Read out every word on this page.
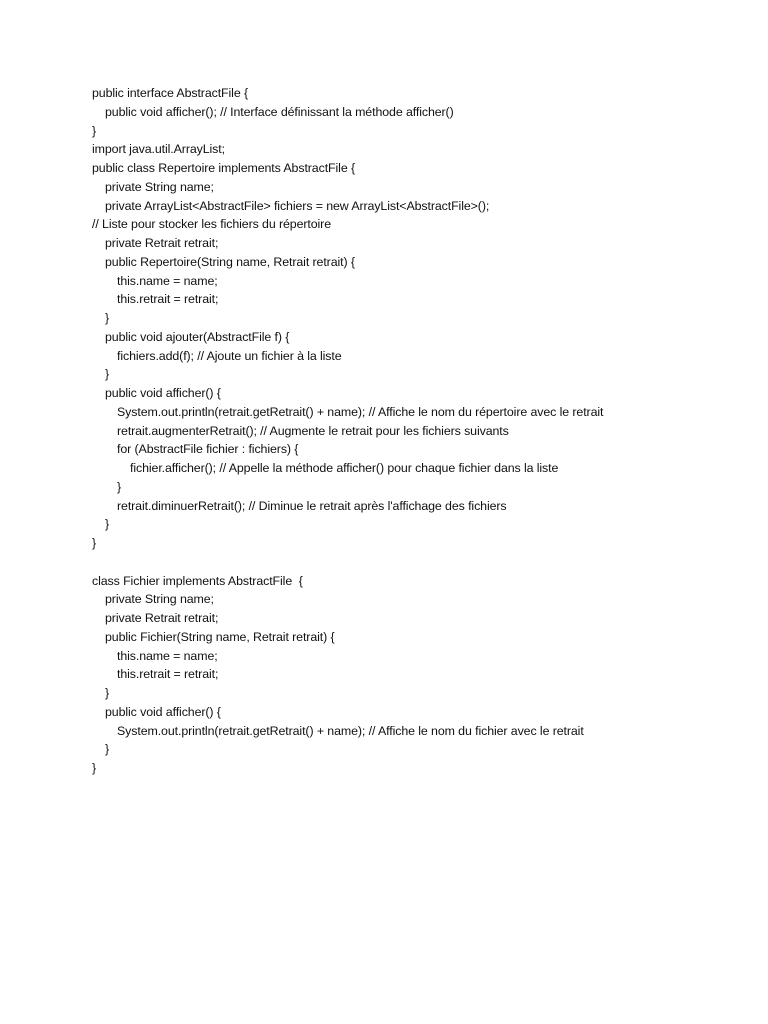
public interface AbstractFile {
public void afficher(); // Interface définissant la méthode afficher()
}
import java.util.ArrayList;
public class Repertoire implements AbstractFile {
private String name;
private ArrayList<AbstractFile> fichiers = new ArrayList<AbstractFile>();
// Liste pour stocker les fichiers du répertoire
private Retrait retrait;
public Repertoire(String name, Retrait retrait) {
this.name = name;
this.retrait = retrait;
}
public void ajouter(AbstractFile f) {
fichiers.add(f); // Ajoute un fichier à la liste
}
public void afficher() {
System.out.println(retrait.getRetrait() + name); // Affiche le nom du répertoire avec le retrait
retrait.augmenterRetrait(); // Augmente le retrait pour les fichiers suivants
for (AbstractFile fichier : fichiers) {
fichier.afficher(); // Appelle la méthode afficher() pour chaque fichier dans la liste
}
retrait.diminuerRetrait(); // Diminue le retrait après l'affichage des fichiers
}
}
class Fichier implements AbstractFile  {
private String name;
private Retrait retrait;
public Fichier(String name, Retrait retrait) {
this.name = name;
this.retrait = retrait;
}
public void afficher() {
System.out.println(retrait.getRetrait() + name); // Affiche le nom du fichier avec le retrait
}
}
